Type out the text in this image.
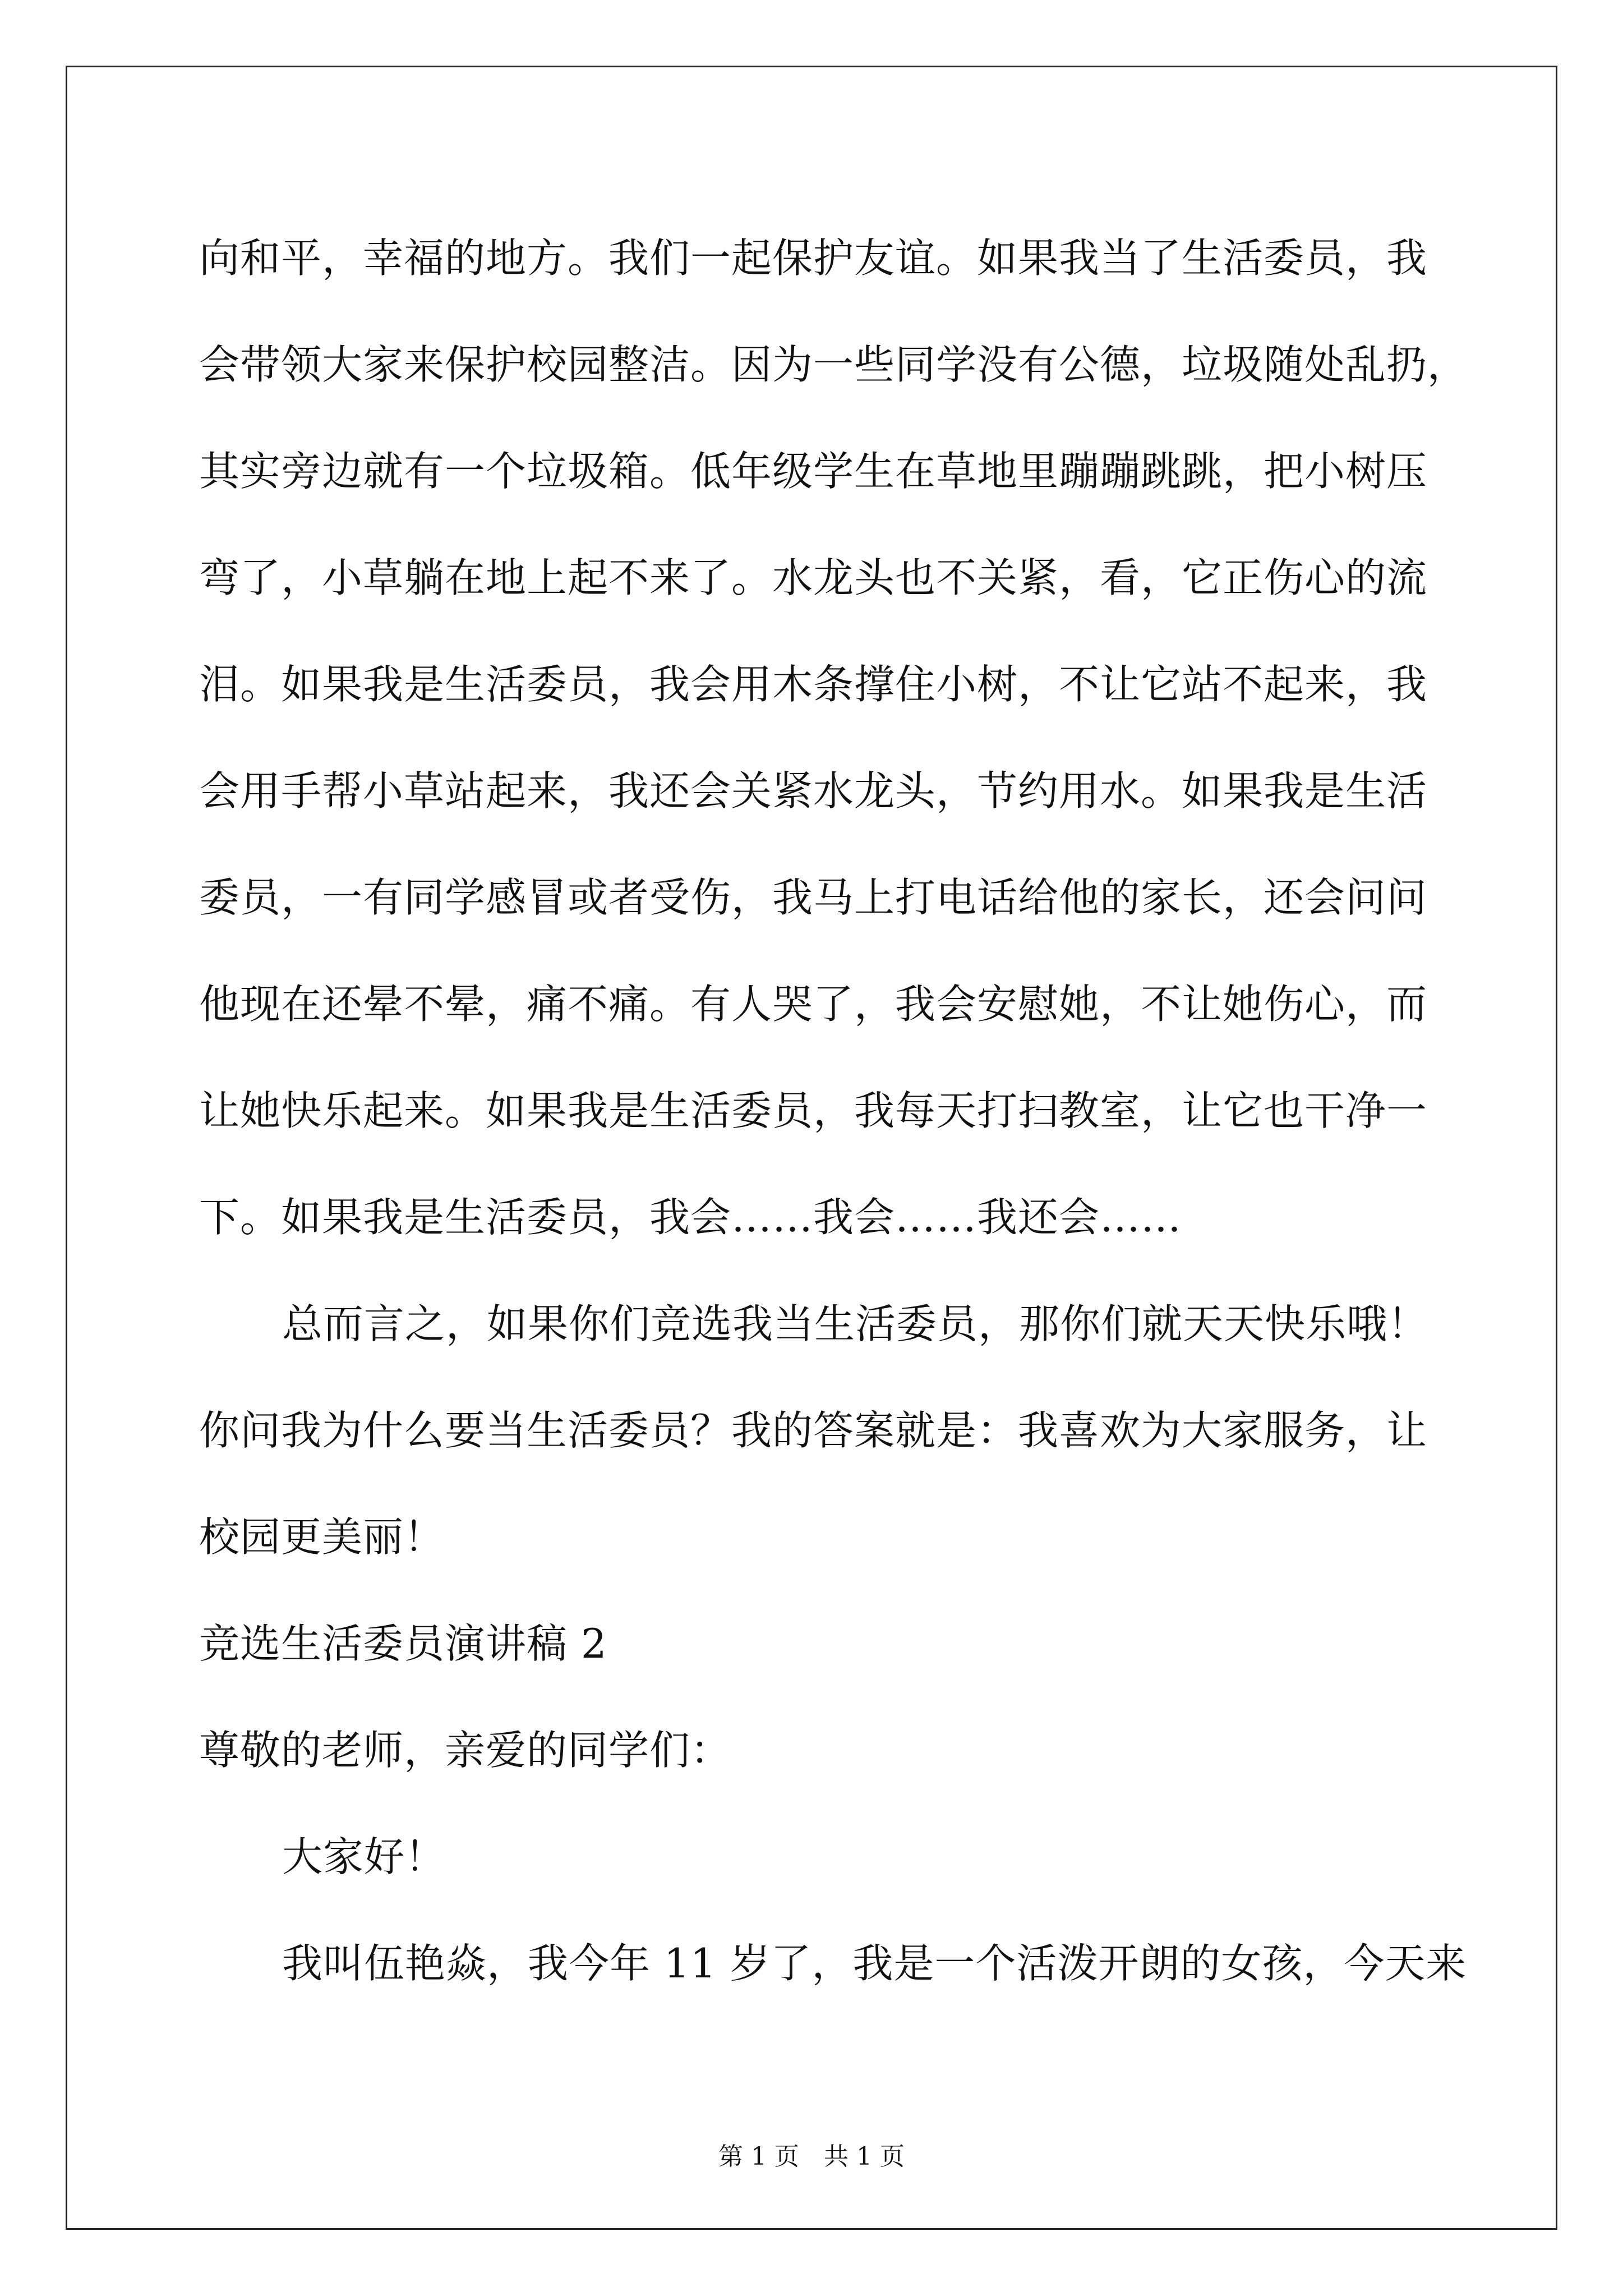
向和平，幸福的地方。我们一起保护友谊。如果我当了生活委员，我
会带领大家来保护校园整洁。因为一些同学没有公德，垃圾随处乱扔，
其实旁边就有一个垃圾箱。低年级学生在草地里蹦蹦跳跳，把小树压
弯了，小草躺在地上起不来了。水龙头也不关紧，看，它正伤心的流
泪。如果我是生活委员，我会用木条撑住小树，不让它站不起来，我
会用手帮小草站起来，我还会关紧水龙头，节约用水。如果我是生活
委员，一有同学感冒或者受伤，我马上打电话给他的家长，还会问问
他现在还晕不晕，痛不痛。有人哭了，我会安慰她，不让她伤心，而
让她快乐起来。如果我是生活委员，我每天打扫教室，让它也干净一
下。如果我是生活委员，我会……我会……我还会……
总而言之，如果你们竞选我当生活委员，那你们就天天快乐哦！
你问我为什么要当生活委员？我的答案就是：我喜欢为大家服务，让
校园更美丽！
竞选生活委员演讲稿 2
尊敬的老师，亲爱的同学们：
大家好！
我叫伍艳焱，我今年 11 岁了，我是一个活泼开朗的女孩，今天来
第 1 页　共 1 页
